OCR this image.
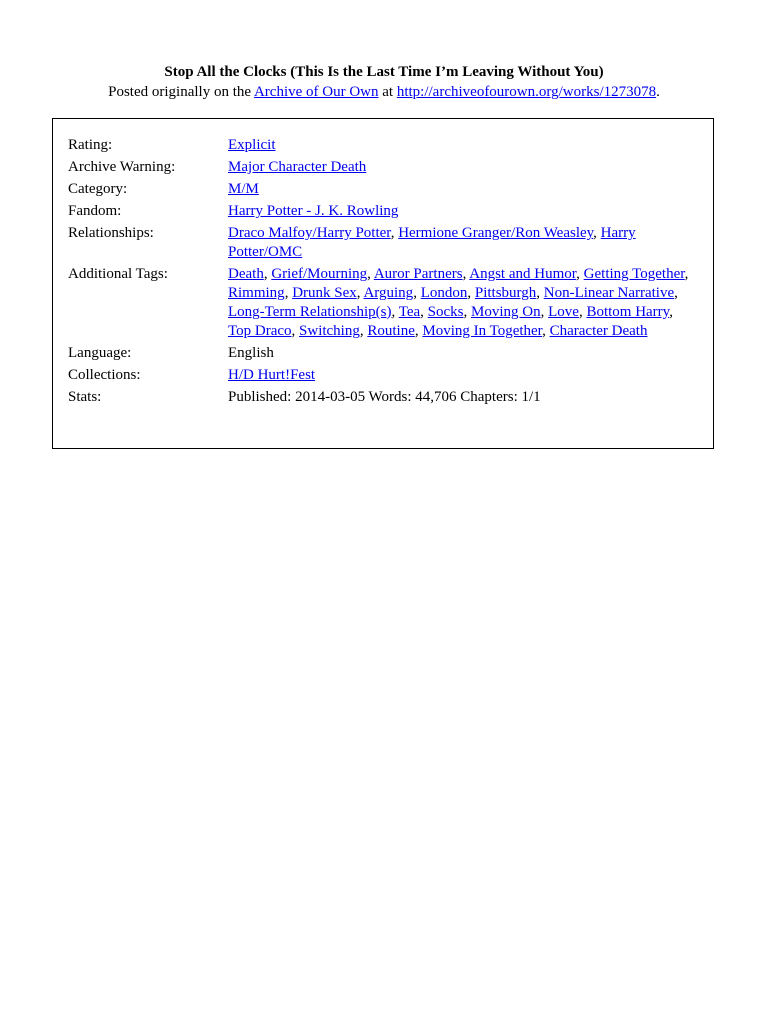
Stop All the Clocks (This Is the Last Time I’m Leaving Without You)
Posted originally on the Archive of Our Own at http://archiveofourown.org/works/1273078.
Rating:	Explicit
Archive Warning:	Major Character Death
Category:	M/M
Fandom:	Harry Potter - J. K. Rowling
Relationships:	Draco Malfoy/Harry Potter, Hermione Granger/Ron Weasley, Harry Potter/OMC
Additional Tags:	Death, Grief/Mourning, Auror Partners, Angst and Humor, Getting Together, Rimming, Drunk Sex, Arguing, London, Pittsburgh, Non-Linear Narrative, Long-Term Relationship(s), Tea, Socks, Moving On, Love, Bottom Harry, Top Draco, Switching, Routine, Moving In Together, Character Death
Language:	English
Collections:	H/D Hurt!Fest
Stats:	Published: 2014-03-05 Words: 44,706 Chapters: 1/1
